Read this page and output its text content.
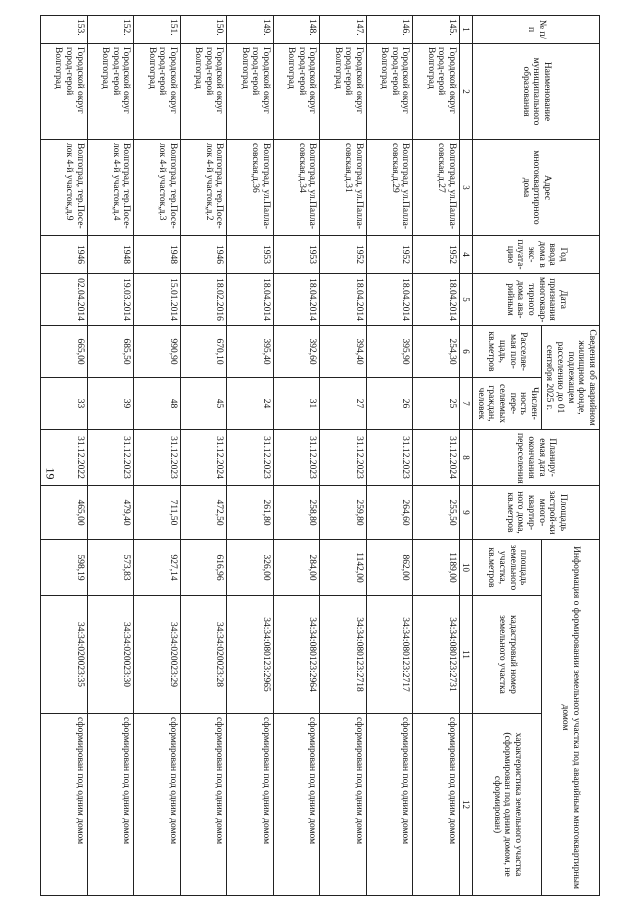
19
№ п/п	Наименование муниципального образования	Адрес многоквартирного дома	Год ввода дома в экс-плуата-цию	Дата признания многоквар-тирного дома ава-рийным	Сведения об аварийном жилищном фонде, подлежащем расселению до 01 сентября 2025 г.		Планиру-емая дата окончания переселения	Площадь застрой-ки много-квартир-ного дома, кв.метров	Информация о формировании земельного участка под аварийным многоквартирным домом		
					Расселяе-мая пло-щадь, кв.метров	Числен-ность пере-селяемых граждан, человек			площадь земельного участка, кв.метров	кадастровый номер земельного участка	характеристика земельного участка (сформирован под одним домом, не сформирован)
1	2	3	4	5	6	7	8	9	10	11	12
145.	Городской округ город-герой Волгоград	Волгоград, ул.Палла-совская,д.27	1952	18.04.2014	254,30	25	31.12.2024	255,50	1189,00	34:34:080123:2731	сформирован под одним домом
146.	Городской округ город-герой Волгоград	Волгоград, ул.Палла-совская,д.29	1952	18.04.2014	395,90	26	31.12.2023	264,60	862,00	34:34:080123:2717	сформирован под одним домом
147.	Городской округ город-герой Волгоград	Волгоград, ул.Палла-совская,д.31	1952	18.04.2014	394,40	27	31.12.2023	259,80	1142,00	34:34:080123:2718	сформирован под одним домом
148.	Городской округ город-герой Волгоград	Волгоград, ул.Палла-совская,д.34	1953	18.04.2014	392,60	31	31.12.2023	258,80	284,00	34:34:080123:2964	сформирован под одним домом
149.	Городской округ город-герой Волгоград	Волгоград, ул.Палла-совская,д.36	1953	18.04.2014	395,40	24	31.12.2023	261,80	326,00	34:34:080123:2965	сформирован под одним домом
150.	Городской округ город-герой Волгоград	Волгоград, тер.Посе-лок 4-й участок,д.2	1946	18.02.2016	670,10	45	31.12.2024	472,50	616,96	34:34:020023:28	сформирован под одним домом
151.	Городской округ город-герой Волгоград	Волгоград, тер.Посе-лок 4-й участок,д.3	1948	15.01.2014	990,90	48	31.12.2023	711,50	927,14	34:34:020023:29	сформирован под одним домом
152.	Городской округ город-герой Волгоград	Волгоград, тер.Посе-лок 4-й участок,д.4	1948	19.03.2014	685,50	39	31.12.2023	479,40	573,83	34:34:020023:30	сформирован под одним домом
153.	Городской округ город-герой Волгоград	Волгоград, тер.Посе-лок 4-й участок,д.9	1946	02.04.2014	665,00	33	31.12.2022	465,00	598,19	34:34:020023:35	сформирован под одним домом
